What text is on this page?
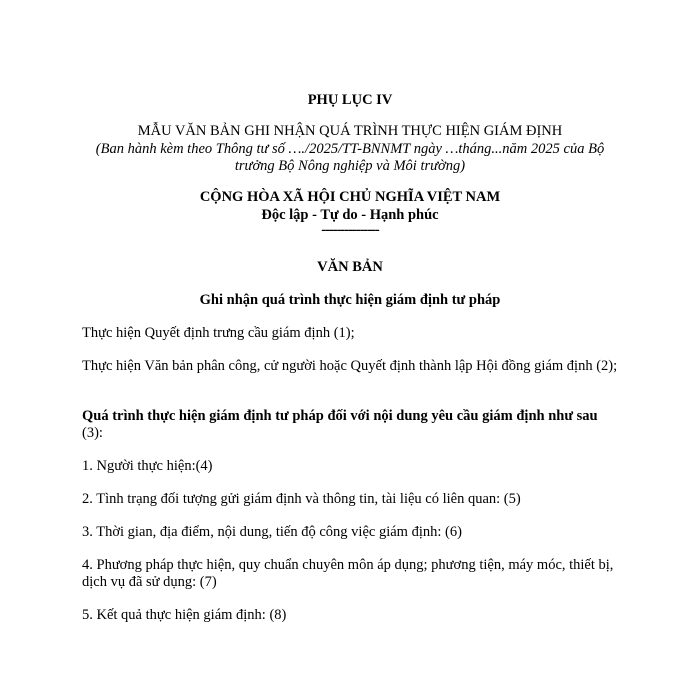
PHỤ LỤC IV

MẪU VĂN BẢN GHI NHẬN QUÁ TRÌNH THỰC HIỆN GIÁM ĐỊNH

(Ban hành kèm theo Thông tư số …./2025/TT-BNNMT ngày …tháng...năm 2025 của Bộ trưởng Bộ Nông nghiệp và Môi trường)

CỘNG HÒA XÃ HỘI CHỦ NGHĨA VIỆT NAM

Độc lập - Tự do - Hạnh phúc

---------------

VĂN BẢN

Ghi nhận quá trình thực hiện giám định tư pháp

Thực hiện Quyết định trưng cầu giám định (1);

Thực hiện Văn bản phân công, cử người hoặc Quyết định thành lập Hội đồng giám định (2);

Quá trình thực hiện giám định tư pháp đối với nội dung yêu cầu giám định như sau (3):

1. Người thực hiện:(4)

2. Tình trạng đối tượng gửi giám định và thông tin, tài liệu có liên quan: (5)

3. Thời gian, địa điểm, nội dung, tiến độ công việc giám định: (6)

4. Phương pháp thực hiện, quy chuẩn chuyên môn áp dụng; phương tiện, máy móc, thiết bị, dịch vụ đã sử dụng: (7)

5. Kết quả thực hiện giám định: (8)
